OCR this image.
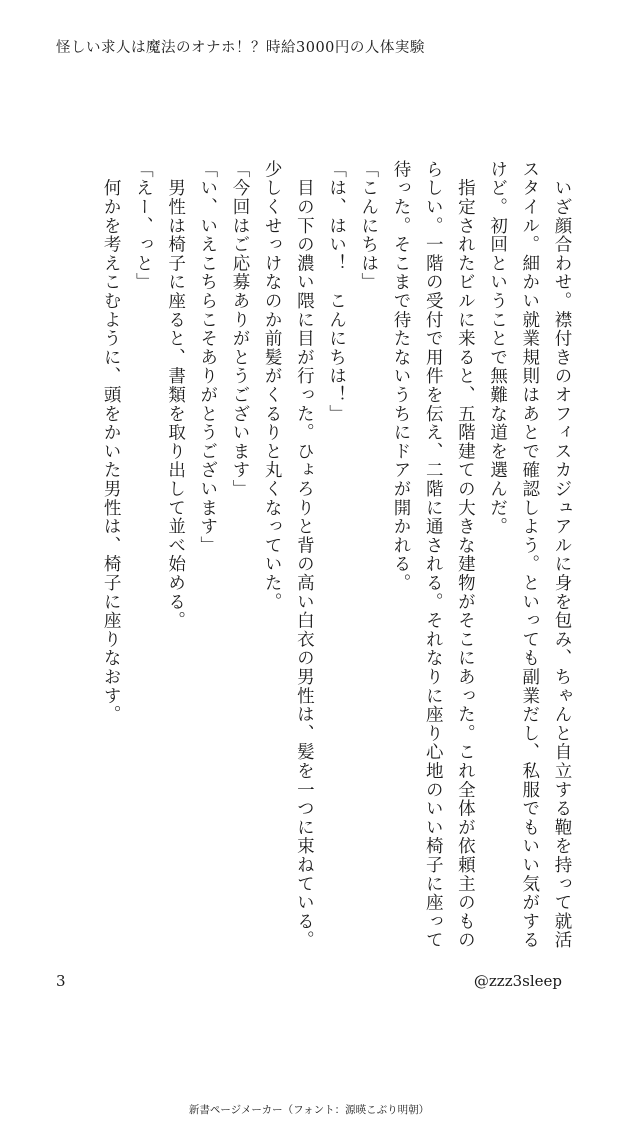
怪しい求人は魔法のオナホ！？時給3000円の人体実験

　いざ顔合わせ。襟付きのオフィスカジュアルに身を包み、ちゃんと自立する鞄を持って就活スタイル。細かい就業規則はあとで確認しよう。といっても副業だし、私服でもいい気がするけど。初回ということで無難な道を選んだ。

　指定されたビルに来ると、五階建ての大きな建物がそこにあった。これ全体が依頼主のものらしい。一階の受付で用件を伝え、二階に通される。それなりに座り心地のいい椅子に座って待った。そこまで待たないうちにドアが開かれる。

「こんにちは」

「は、はい！　こんにちは！」

　目の下の濃い隈に目が行った。ひょろりと背の高い白衣の男性は、髪を一つに束ねている。少しくせっけなのか前髪がくるりと丸くなっていた。

「今回はご応募ありがとうございます」

「い、いえこちらこそありがとうございます」

　男性は椅子に座ると、書類を取り出して並べ始める。

「えー、っと」

　何かを考えこむように、頭をかいた男性は、椅子に座りなおす。

3	@zzz3sleep
新書ページメーカー（フォント：源暎こぶり明朝）
